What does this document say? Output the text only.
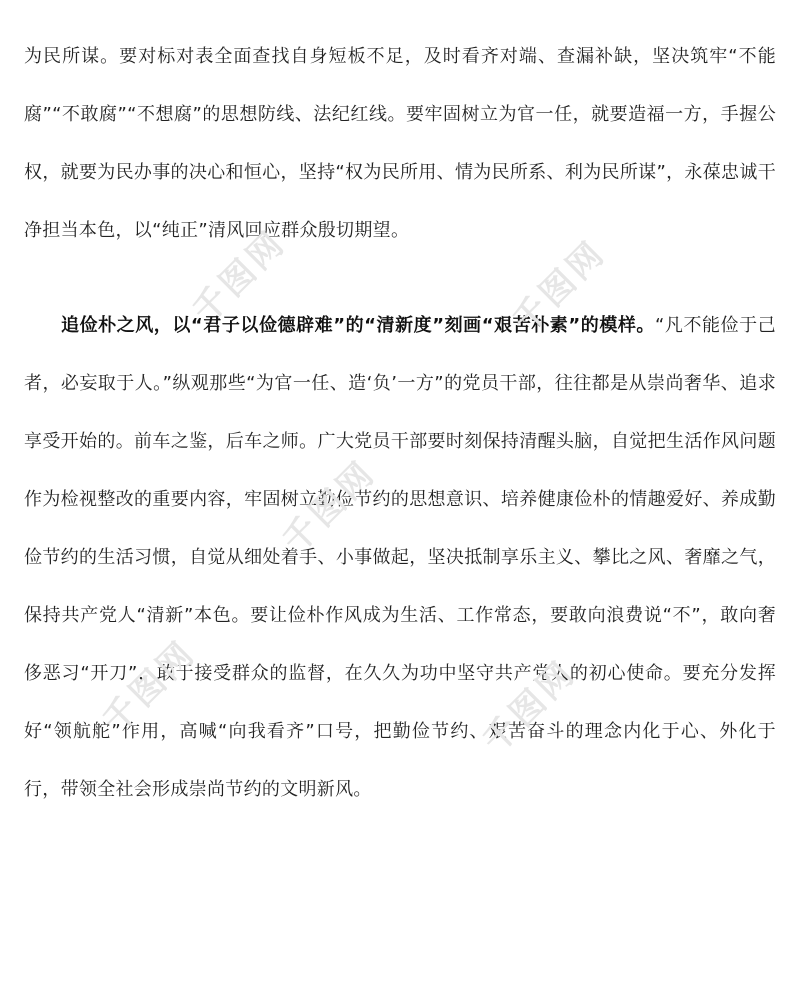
为民所谋。要对标对表全面查找自身短板不足，及时看齐对端、查漏补缺，坚决筑牢“不能腐”“不敢腐”“不想腐”的思想防线、法纪红线。要牢固树立为官一任，就要造福一方，手握公权，就要为民办事的决心和恒心，坚持“权为民所用、情为民所系、利为民所谋”，永葆忠诚干净担当本色，以“纯正”清风回应群众殷切期望。

追俭朴之风，以“君子以俭德辟难”的“清新度”刻画“艰苦朴素”的模样。“凡不能俭于己者，必妄取于人。”纵观那些“为官一任、造‘负’一方”的党员干部，往往都是从崇尚奢华、追求享受开始的。前车之鉴，后车之师。广大党员干部要时刻保持清醒头脑，自觉把生活作风问题作为检视整改的重要内容，牢固树立勤俭节约的思想意识、培养健康俭朴的情趣爱好、养成勤俭节约的生活习惯，自觉从细处着手、小事做起，坚决抵制享乐主义、攀比之风、奢靡之气，保持共产党人“清新”本色。要让俭朴作风成为生活、工作常态，要敢向浪费说“不”，敢向奢侈恶习“开刀”，敢于接受群众的监督，在久久为功中坚守共产党人的初心使命。要充分发挥好“领航舵”作用，高喊“向我看齐”口号，把勤俭节约、艰苦奋斗的理念内化于心、外化于行，带领全社会形成崇尚节约的文明新风。

千图网	千图网
千图网
千图网	千图网
